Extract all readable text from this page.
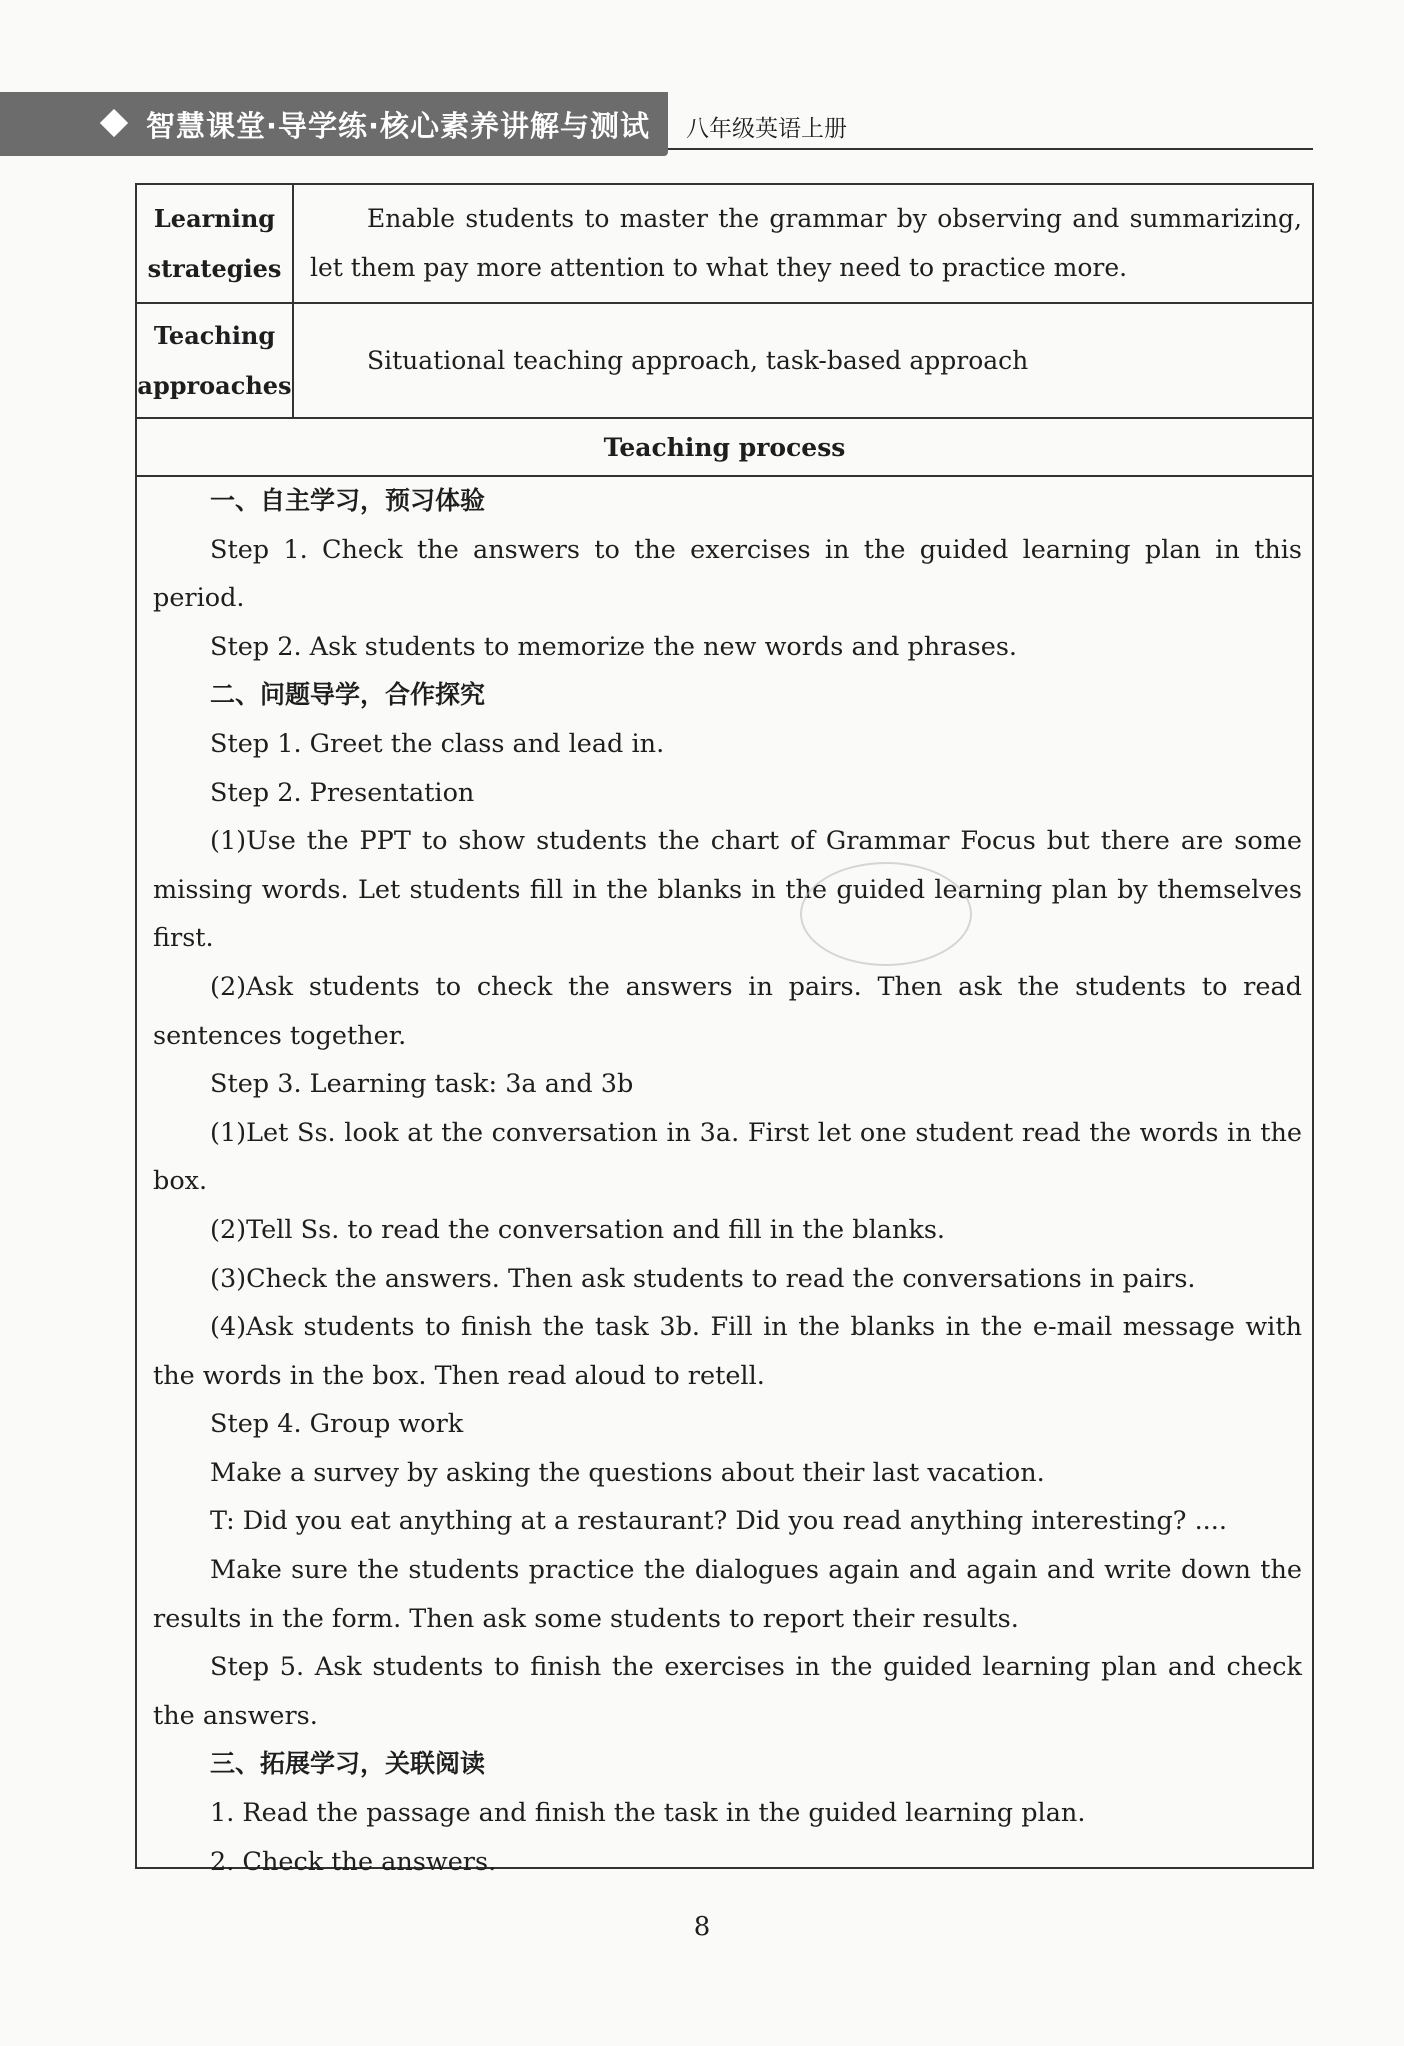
智慧课堂·导学练·核心素养讲解与测试 八年级英语上册
Learning
strategies
Enable students to master the grammar by observing and summarizing, let them pay more attention to what they need to practice more.
Teaching
approaches
Situational teaching approach, task-based approach
Teaching process

一、自主学习，预习体验

Step 1. Check the answers to the exercises in the guided learning plan in this period.

Step 2. Ask students to memorize the new words and phrases.

二、问题导学，合作探究

Step 1. Greet the class and lead in.

Step 2. Presentation

(1)Use the PPT to show students the chart of Grammar Focus but there are some missing words. Let students fill in the blanks in the guided learning plan by themselves first.

(2)Ask students to check the answers in pairs. Then ask the students to read sentences together.

Step 3. Learning task: 3a and 3b

(1)Let Ss. look at the conversation in 3a. First let one student read the words in the box.

(2)Tell Ss. to read the conversation and fill in the blanks.

(3)Check the answers. Then ask students to read the conversations in pairs.

(4)Ask students to finish the task 3b. Fill in the blanks in the e-mail message with the words in the box. Then read aloud to retell.

Step 4. Group work

Make a survey by asking the questions about their last vacation.

T: Did you eat anything at a restaurant? Did you read anything interesting? ....

Make sure the students practice the dialogues again and again and write down the results in the form. Then ask some students to report their results.

Step 5. Ask students to finish the exercises in the guided learning plan and check the answers.

三、拓展学习，关联阅读

1. Read the passage and finish the task in the guided learning plan.

2. Check the answers.

8
